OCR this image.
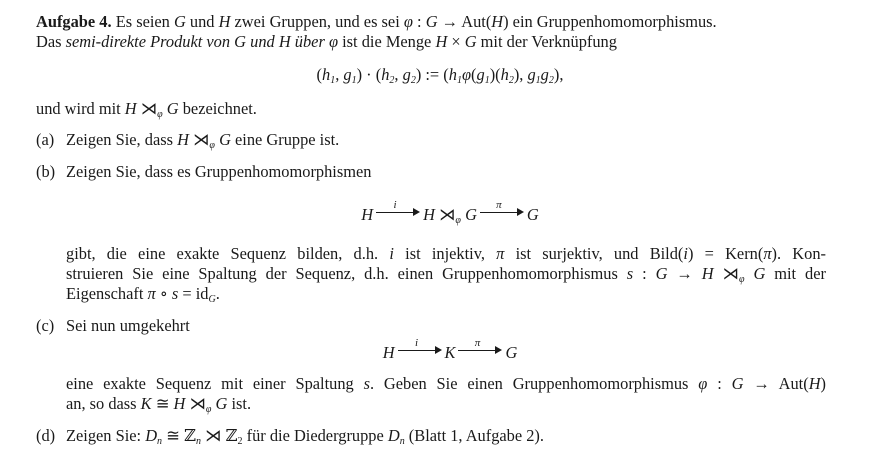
Aufgabe 4. Es seien G und H zwei Gruppen, und es sei φ : G → Aut(H) ein Gruppenhomomorphismus.
Das semi-direkte Produkt von G und H über φ ist die Menge H × G mit der Verknüpfung
($h_1$, $g_1) \cdot (h_2$, $g_2$) := ($h_1\varphi(g_1)(h_2)$, $g_1g_2$),
und wird mit H $⋊_\varphi$ G bezeichnet.
(a) Zeigen Sie, dass H $⋊_\varphi$ G eine Gruppe ist.
(b) Zeigen Sie, dass es Gruppenhomomorphismen
H	i	H $⋊_\varphi$ G	π	G
gibt, die eine exakte Sequenz bilden, d.h. i ist injektiv, π ist surjektiv, und Bild(i) = Kern(π). Kon-
struieren Sie eine Spaltung der Sequenz, d.h. einen Gruppenhomomorphismus s : G → H $⋊_\varphi$ G mit der
Eigenschaft π ∘ $s = id_G$.
(c) Sei nun umgekehrt
H	i	K	π	G
eine exakte Sequenz mit einer Spaltung s. Geben Sie einen Gruppenhomomorphismus φ : G → Aut(H)
an, so dass K ≅ H $⋊_\varphi$ G ist.
(d) Zeigen Sie: $D_n$ ≅ ℤ$_n$ ⋊ ℤ$_2$ für die Diedergruppe $D_n$ (Blatt 1, Aufgabe 2).
